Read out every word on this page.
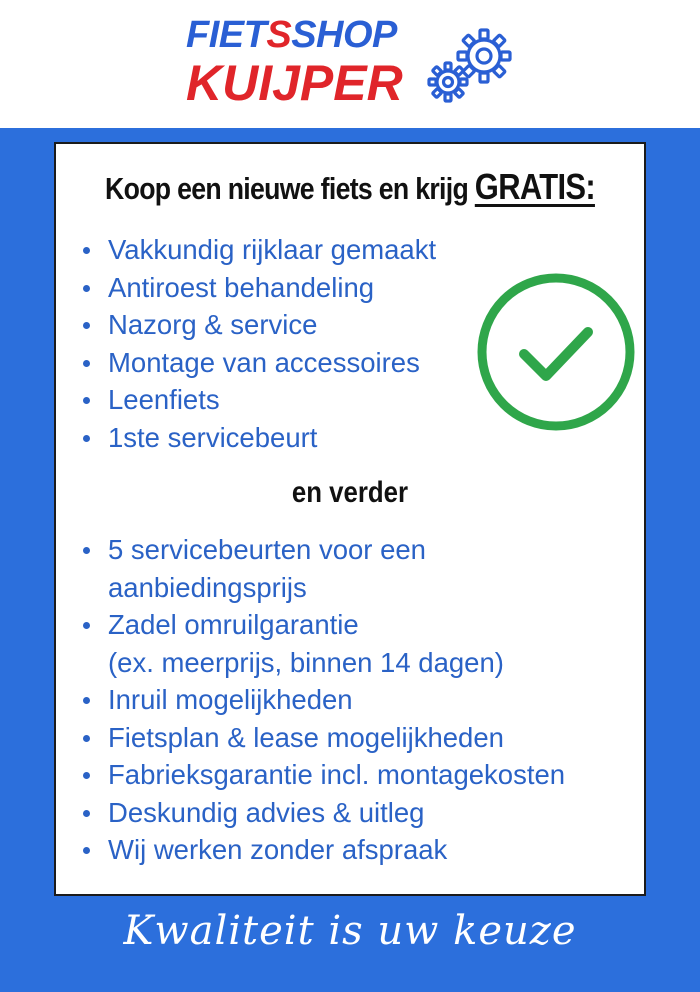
FIETSSHOP
KUIJPER
Koop een nieuwe fiets en krijg GRATIS:
Vakkundig rijklaar gemaakt
Antiroest behandeling
Nazorg & service
Montage van accessoires
Leenfiets
1ste servicebeurt
en verder
5 servicebeurten voor een
aanbiedingsprijs
Zadel omruilgarantie
(ex. meerprijs, binnen 14 dagen)
Inruil mogelijkheden
Fietsplan & lease mogelijkheden
Fabrieksgarantie incl. montagekosten
Deskundig advies & uitleg
Wij werken zonder afspraak
Kwaliteit is uw keuze
